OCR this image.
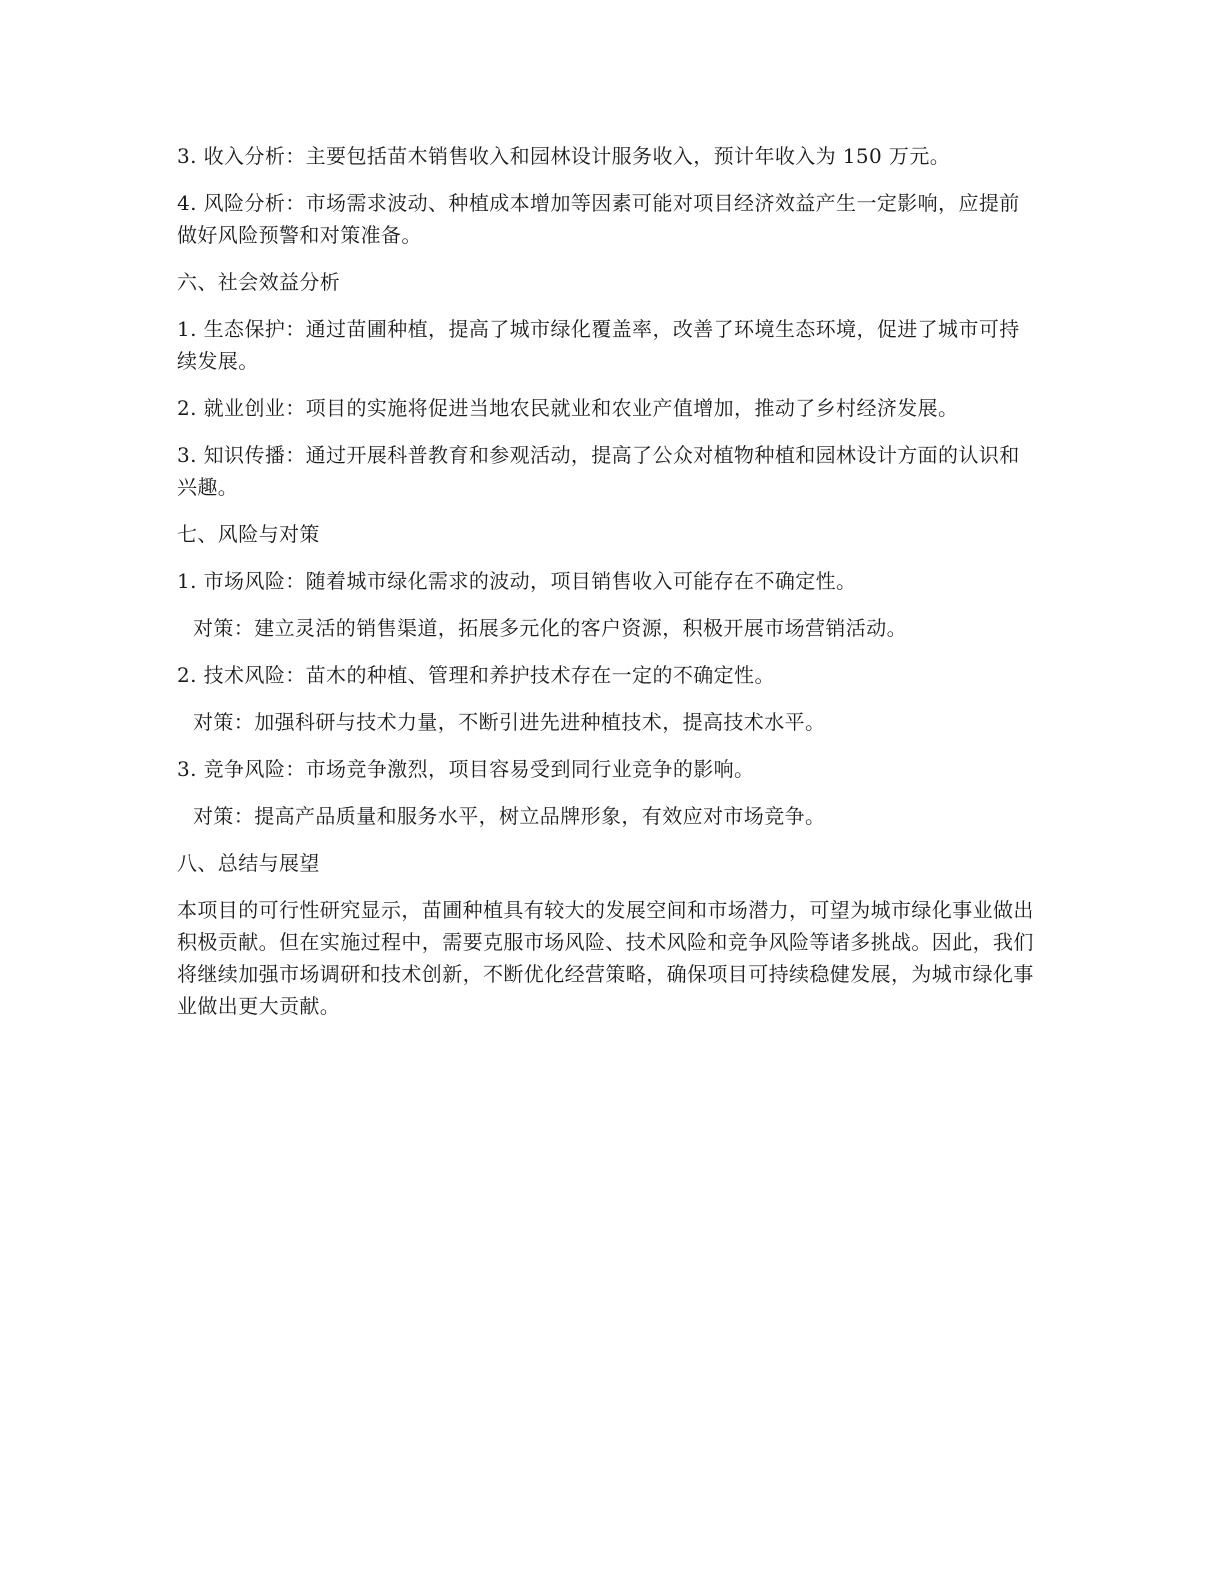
3. 收入分析：主要包括苗木销售收入和园林设计服务收入，预计年收入为 150 万元。

4. 风险分析：市场需求波动、种植成本增加等因素可能对项目经济效益产生一定影响，应提前做好风险预警和对策准备。

六、社会效益分析

1. 生态保护：通过苗圃种植，提高了城市绿化覆盖率，改善了环境生态环境，促进了城市可持续发展。

2. 就业创业：项目的实施将促进当地农民就业和农业产值增加，推动了乡村经济发展。

3. 知识传播：通过开展科普教育和参观活动，提高了公众对植物种植和园林设计方面的认识和兴趣。

七、风险与对策

1. 市场风险：随着城市绿化需求的波动，项目销售收入可能存在不确定性。

对策：建立灵活的销售渠道，拓展多元化的客户资源，积极开展市场营销活动。

2. 技术风险：苗木的种植、管理和养护技术存在一定的不确定性。

对策：加强科研与技术力量，不断引进先进种植技术，提高技术水平。

3. 竞争风险：市场竞争激烈，项目容易受到同行业竞争的影响。

对策：提高产品质量和服务水平，树立品牌形象，有效应对市场竞争。

八、总结与展望

本项目的可行性研究显示，苗圃种植具有较大的发展空间和市场潜力，可望为城市绿化事业做出积极贡献。但在实施过程中，需要克服市场风险、技术风险和竞争风险等诸多挑战。因此，我们将继续加强市场调研和技术创新，不断优化经营策略，确保项目可持续稳健发展，为城市绿化事业做出更大贡献。
